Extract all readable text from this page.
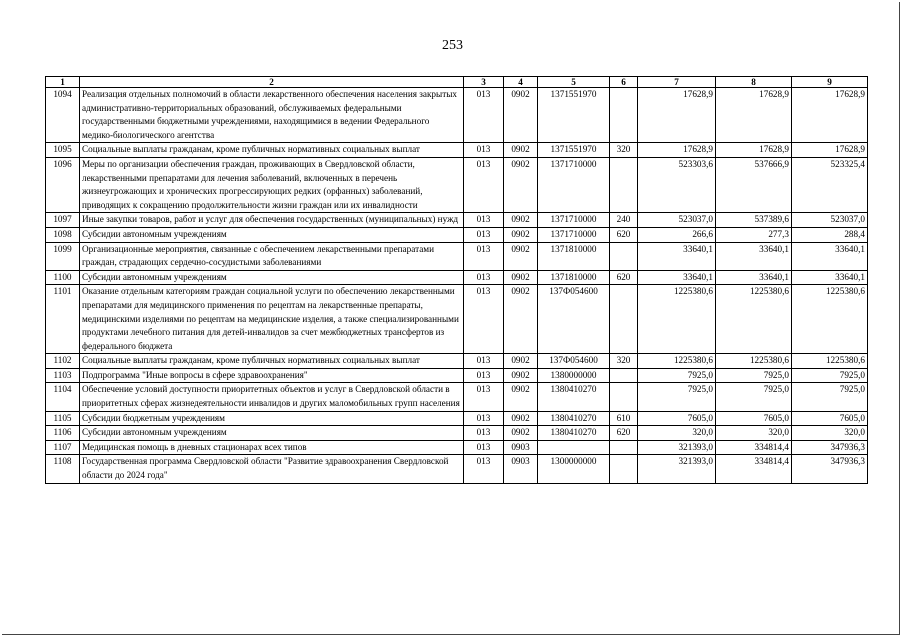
253
1	2	3	4	5	6	7	8	9
1094	Реализация отдельных полномочий в области лекарственного обеспечения населения закрытых административно-территориальных образований, обслуживаемых федеральными государственными бюджетными учреждениями, находящимися в ведении Федерального медико-биологического агентства	013	0902	1371551970		17628,9	17628,9	17628,9
1095	Социальные выплаты гражданам, кроме публичных нормативных социальных выплат	013	0902	1371551970	320	17628,9	17628,9	17628,9
1096	Меры по организации обеспечения граждан, проживающих в Свердловской области, лекарственными препаратами для лечения заболеваний, включенных в перечень жизнеугрожающих и хронических прогрессирующих редких (орфанных) заболеваний, приводящих к сокращению продолжительности жизни граждан или их инвалидности	013	0902	1371710000		523303,6	537666,9	523325,4
1097	Иные закупки товаров, работ и услуг для обеспечения государственных (муниципальных) нужд	013	0902	1371710000	240	523037,0	537389,6	523037,0
1098	Субсидии автономным учреждениям	013	0902	1371710000	620	266,6	277,3	288,4
1099	Организационные мероприятия, связанные с обеспечением лекарственными препаратами граждан, страдающих сердечно-сосудистыми заболеваниями	013	0902	1371810000		33640,1	33640,1	33640,1
1100	Субсидии автономным учреждениям	013	0902	1371810000	620	33640,1	33640,1	33640,1
1101	Оказание отдельным категориям граждан социальной услуги по обеспечению лекарственными препаратами для медицинского применения по рецептам на лекарственные препараты, медицинскими изделиями по рецептам на медицинские изделия, а также специализированными продуктами лечебного питания для детей-инвалидов за счет межбюджетных трансфертов из федерального бюджета	013	0902	137Ф054600		1225380,6	1225380,6	1225380,6
1102	Социальные выплаты гражданам, кроме публичных нормативных социальных выплат	013	0902	137Ф054600	320	1225380,6	1225380,6	1225380,6
1103	Подпрограмма "Иные вопросы в сфере здравоохранения"	013	0902	1380000000		7925,0	7925,0	7925,0
1104	Обеспечение условий доступности приоритетных объектов и услуг в Свердловской области в приоритетных сферах жизнедеятельности инвалидов и других маломобильных групп населения	013	0902	1380410270		7925,0	7925,0	7925,0
1105	Субсидии бюджетным учреждениям	013	0902	1380410270	610	7605,0	7605,0	7605,0
1106	Субсидии автономным учреждениям	013	0902	1380410270	620	320,0	320,0	320,0
1107	Медицинская помощь в дневных стационарах всех типов	013	0903			321393,0	334814,4	347936,3
1108	Государственная программа Свердловской области "Развитие здравоохранения Свердловской области до 2024 года"	013	0903	1300000000		321393,0	334814,4	347936,3
